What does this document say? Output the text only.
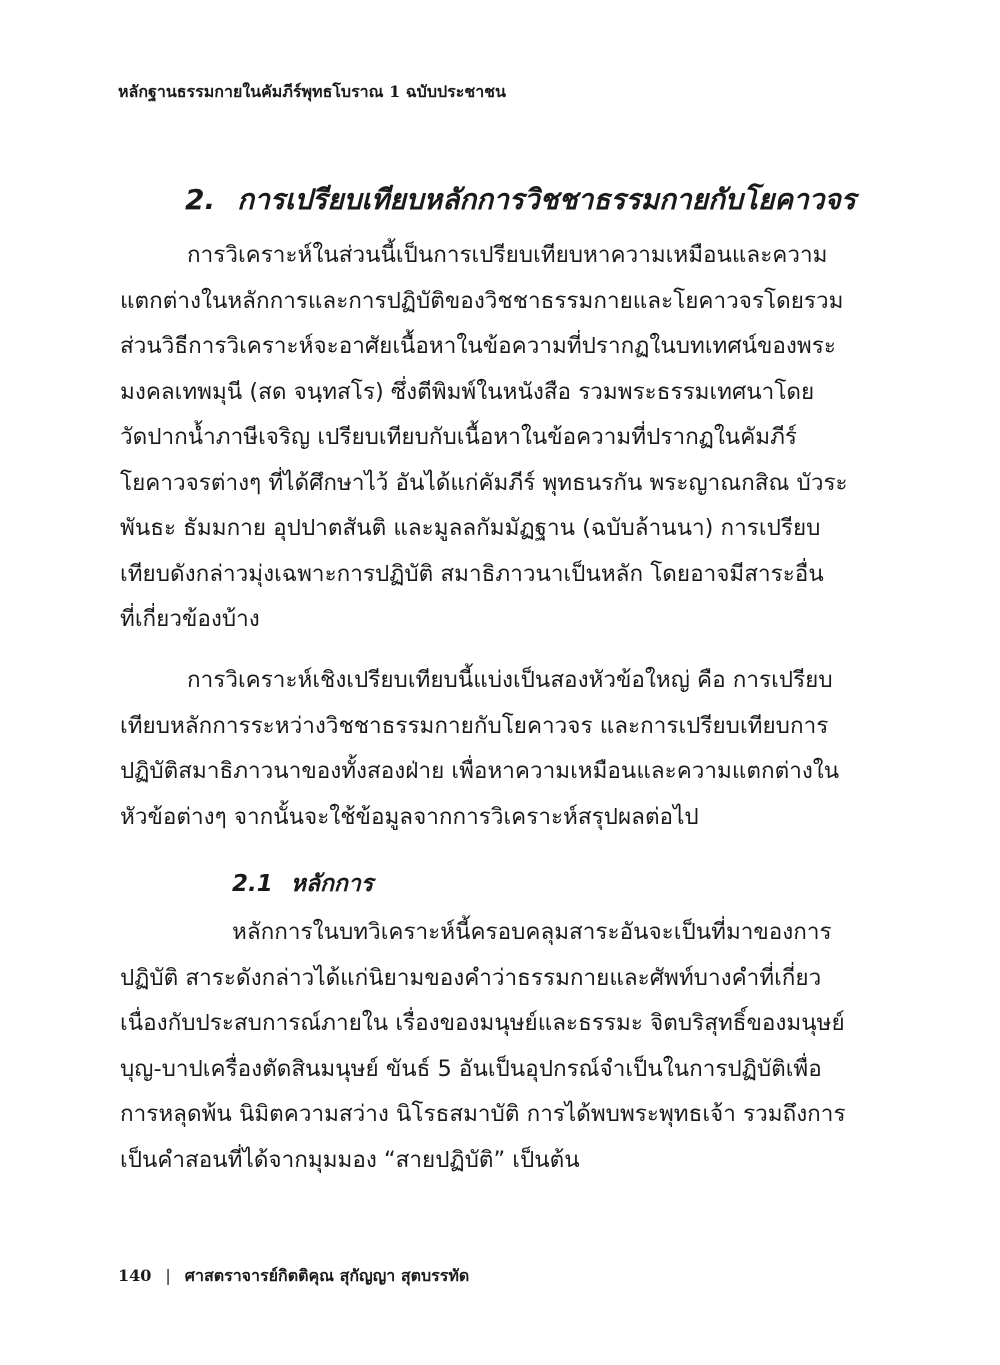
หลักฐานธรรมกายในคัมภีร์พุทธโบราณ 1 ฉบับประชาชน
2. การเปรียบเทียบหลักการวิชชาธรรมกายกับโยคาวจร

การวิเคราะห์ในส่วนนี้เป็นการเปรียบเทียบหาความเหมือนและความ
แตกต่างในหลักการและการปฏิบัติของวิชชาธรรมกายและโยคาวจรโดยรวม
ส่วนวิธีการวิเคราะห์จะอาศัยเนื้อหาในข้อความที่ปรากฏในบทเทศน์ของพระ
มงคลเทพมุนี (สด จนฺทสโร) ซึ่งตีพิมพ์ในหนังสือ รวมพระธรรมเทศนาโดย
วัดปากน้ำภาษีเจริญ เปรียบเทียบกับเนื้อหาในข้อความที่ปรากฏในคัมภีร์
โยคาวจรต่างๆ ที่ได้ศึกษาไว้ อันได้แก่คัมภีร์ พุทธนรกัน พระญาณกสิณ บัวระ
พันธะ ธัมมกาย อุปปาตสันติ และมูลลกัมมัฏฐาน (ฉบับล้านนา) การเปรียบ
เทียบดังกล่าวมุ่งเฉพาะการปฏิบัติ สมาธิภาวนาเป็นหลัก โดยอาจมีสาระอื่น
ที่เกี่ยวข้องบ้าง

การวิเคราะห์เชิงเปรียบเทียบนี้แบ่งเป็นสองหัวข้อใหญ่ คือ การเปรียบ
เทียบหลักการระหว่างวิชชาธรรมกายกับโยคาวจร และการเปรียบเทียบการ
ปฏิบัติสมาธิภาวนาของทั้งสองฝ่าย เพื่อหาความเหมือนและความแตกต่างใน
หัวข้อต่างๆ จากนั้นจะใช้ข้อมูลจากการวิเคราะห์สรุปผลต่อไป

2.1 หลักการ

หลักการในบทวิเคราะห์นี้ครอบคลุมสาระอันจะเป็นที่มาของการ
ปฏิบัติ สาระดังกล่าวได้แก่นิยามของคำว่าธรรมกายและศัพท์บางคำที่เกี่ยว
เนื่องกับประสบการณ์ภายใน เรื่องของมนุษย์และธรรมะ จิตบริสุทธิ์ของมนุษย์
บุญ-บาปเครื่องตัดสินมนุษย์ ขันธ์ 5 อันเป็นอุปกรณ์จำเป็นในการปฏิบัติเพื่อ
การหลุดพ้น นิมิตความสว่าง นิโรธสมาบัติ การได้พบพระพุทธเจ้า รวมถึงการ
เป็นคำสอนที่ได้จากมุมมอง “สายปฏิบัติ” เป็นต้น

140 | ศาสตราจารย์กิตติคุณ สุกัญญา สุตบรรทัด
